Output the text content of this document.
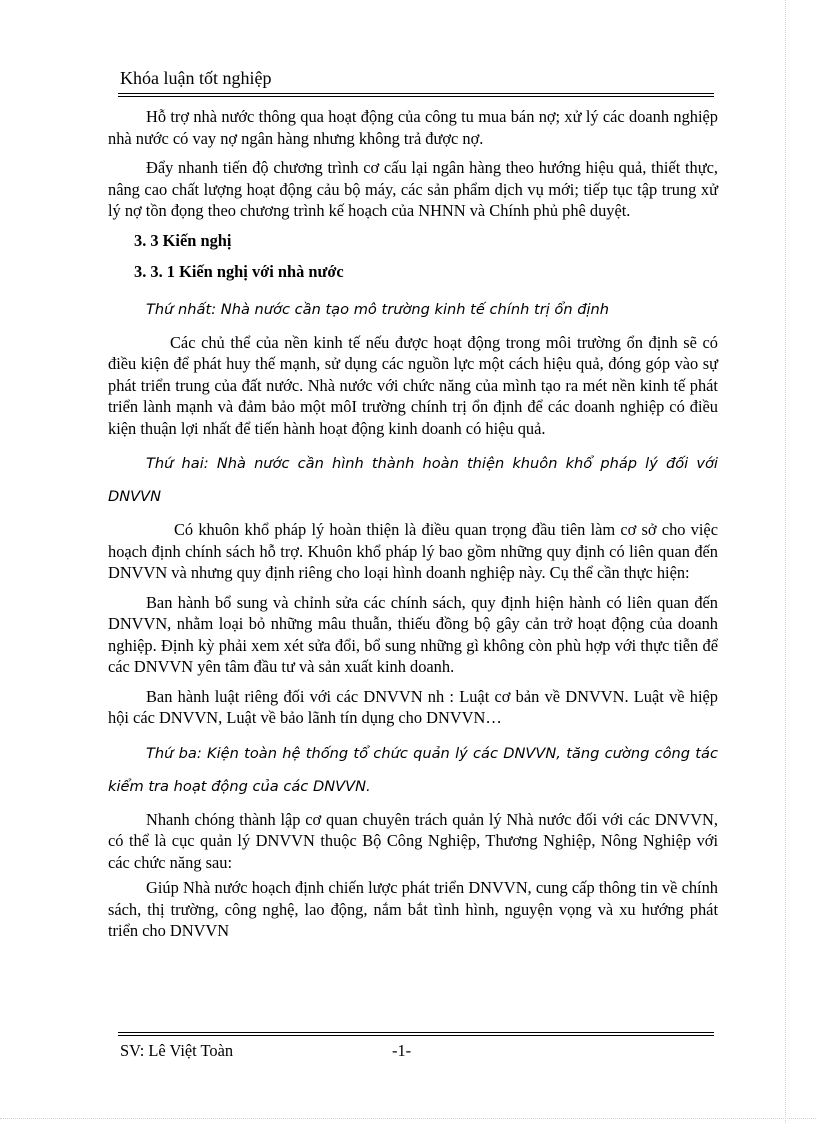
Khóa luận tốt nghiệp

Hỗ trợ nhà nước thông qua hoạt động của công tu mua bán nợ; xử lý các doanh nghiệp nhà nước có vay nợ ngân hàng nhưng không trả được nợ.

Đẩy nhanh tiến độ chương trình cơ cấu lại ngân hàng theo hướng hiệu quả, thiết thực, nâng cao chất lượng hoạt động cảu bộ máy, các sản phẩm dịch vụ mới; tiếp tục tập trung xử lý nợ tồn đọng theo chương trình kế hoạch của NHNN và Chính phủ phê duyệt.

3. 3 Kiến nghị

3. 3. 1 Kiến nghị với nhà nước

Thứ nhất: Nhà nước cần tạo mô trường kinh tế chính trị ổn định

Các chủ thể của nền kinh tế nếu được hoạt động trong môi trường ổn định sẽ có điều kiện để phát huy thế mạnh, sử dụng các nguồn lực một cách hiệu quả, đóng góp vào sự phát triển trung của đất nước. Nhà nước với chức năng của mình tạo ra mét nền kinh tế phát triển lành mạnh và đảm bảo một môI trường chính trị ổn định để các doanh nghiệp có điều kiện thuận lợi nhất để tiến hành hoạt động kinh doanh có hiệu quả.

Thứ hai: Nhà nước cần hình thành hoàn thiện khuôn khổ pháp lý đối với DNVVN

Có khuôn khổ pháp lý hoàn thiện là điều quan trọng đầu tiên làm cơ sở cho việc hoạch định chính sách hỗ trợ. Khuôn khổ pháp lý bao gồm những quy định có liên quan đến DNVVN và nhưng quy định riêng cho loại hình doanh nghiệp này. Cụ thể cần thực hiện:

Ban hành bổ sung và chỉnh sửa các chính sách, quy định hiện hành có liên quan đến DNVVN, nhằm loại bỏ những mâu thuẫn, thiếu đồng bộ gây cản trở hoạt động của doanh nghiệp. Định kỳ phải xem xét sửa đổi, bổ sung những gì không còn phù hợp với thực tiễn để các DNVVN yên tâm đầu tư và sản xuất kinh doanh.

Ban hành luật riêng đối với các DNVVN nh : Luật cơ bản về DNVVN. Luật về hiệp hội các DNVVN, Luật về bảo lãnh tín dụng cho DNVVN…

Thứ ba: Kiện toàn hệ thống tổ chức quản lý các DNVVN, tăng cường công tác kiểm tra hoạt động của các DNVVN.

Nhanh chóng thành lập cơ quan chuyên trách quản lý Nhà nước đối với các DNVVN, có thể là cục quản lý DNVVN thuộc Bộ Công Nghiệp, Thương Nghiệp, Nông Nghiệp với các chức năng sau:

Giúp Nhà nước hoạch định chiến lược phát triển DNVVN, cung cấp thông tin về chính sách, thị trường, công nghệ, lao động, nắm bắt tình hình, nguyện vọng và xu hướng phát triển cho DNVVN

SV: Lê Việt Toàn	-1-
